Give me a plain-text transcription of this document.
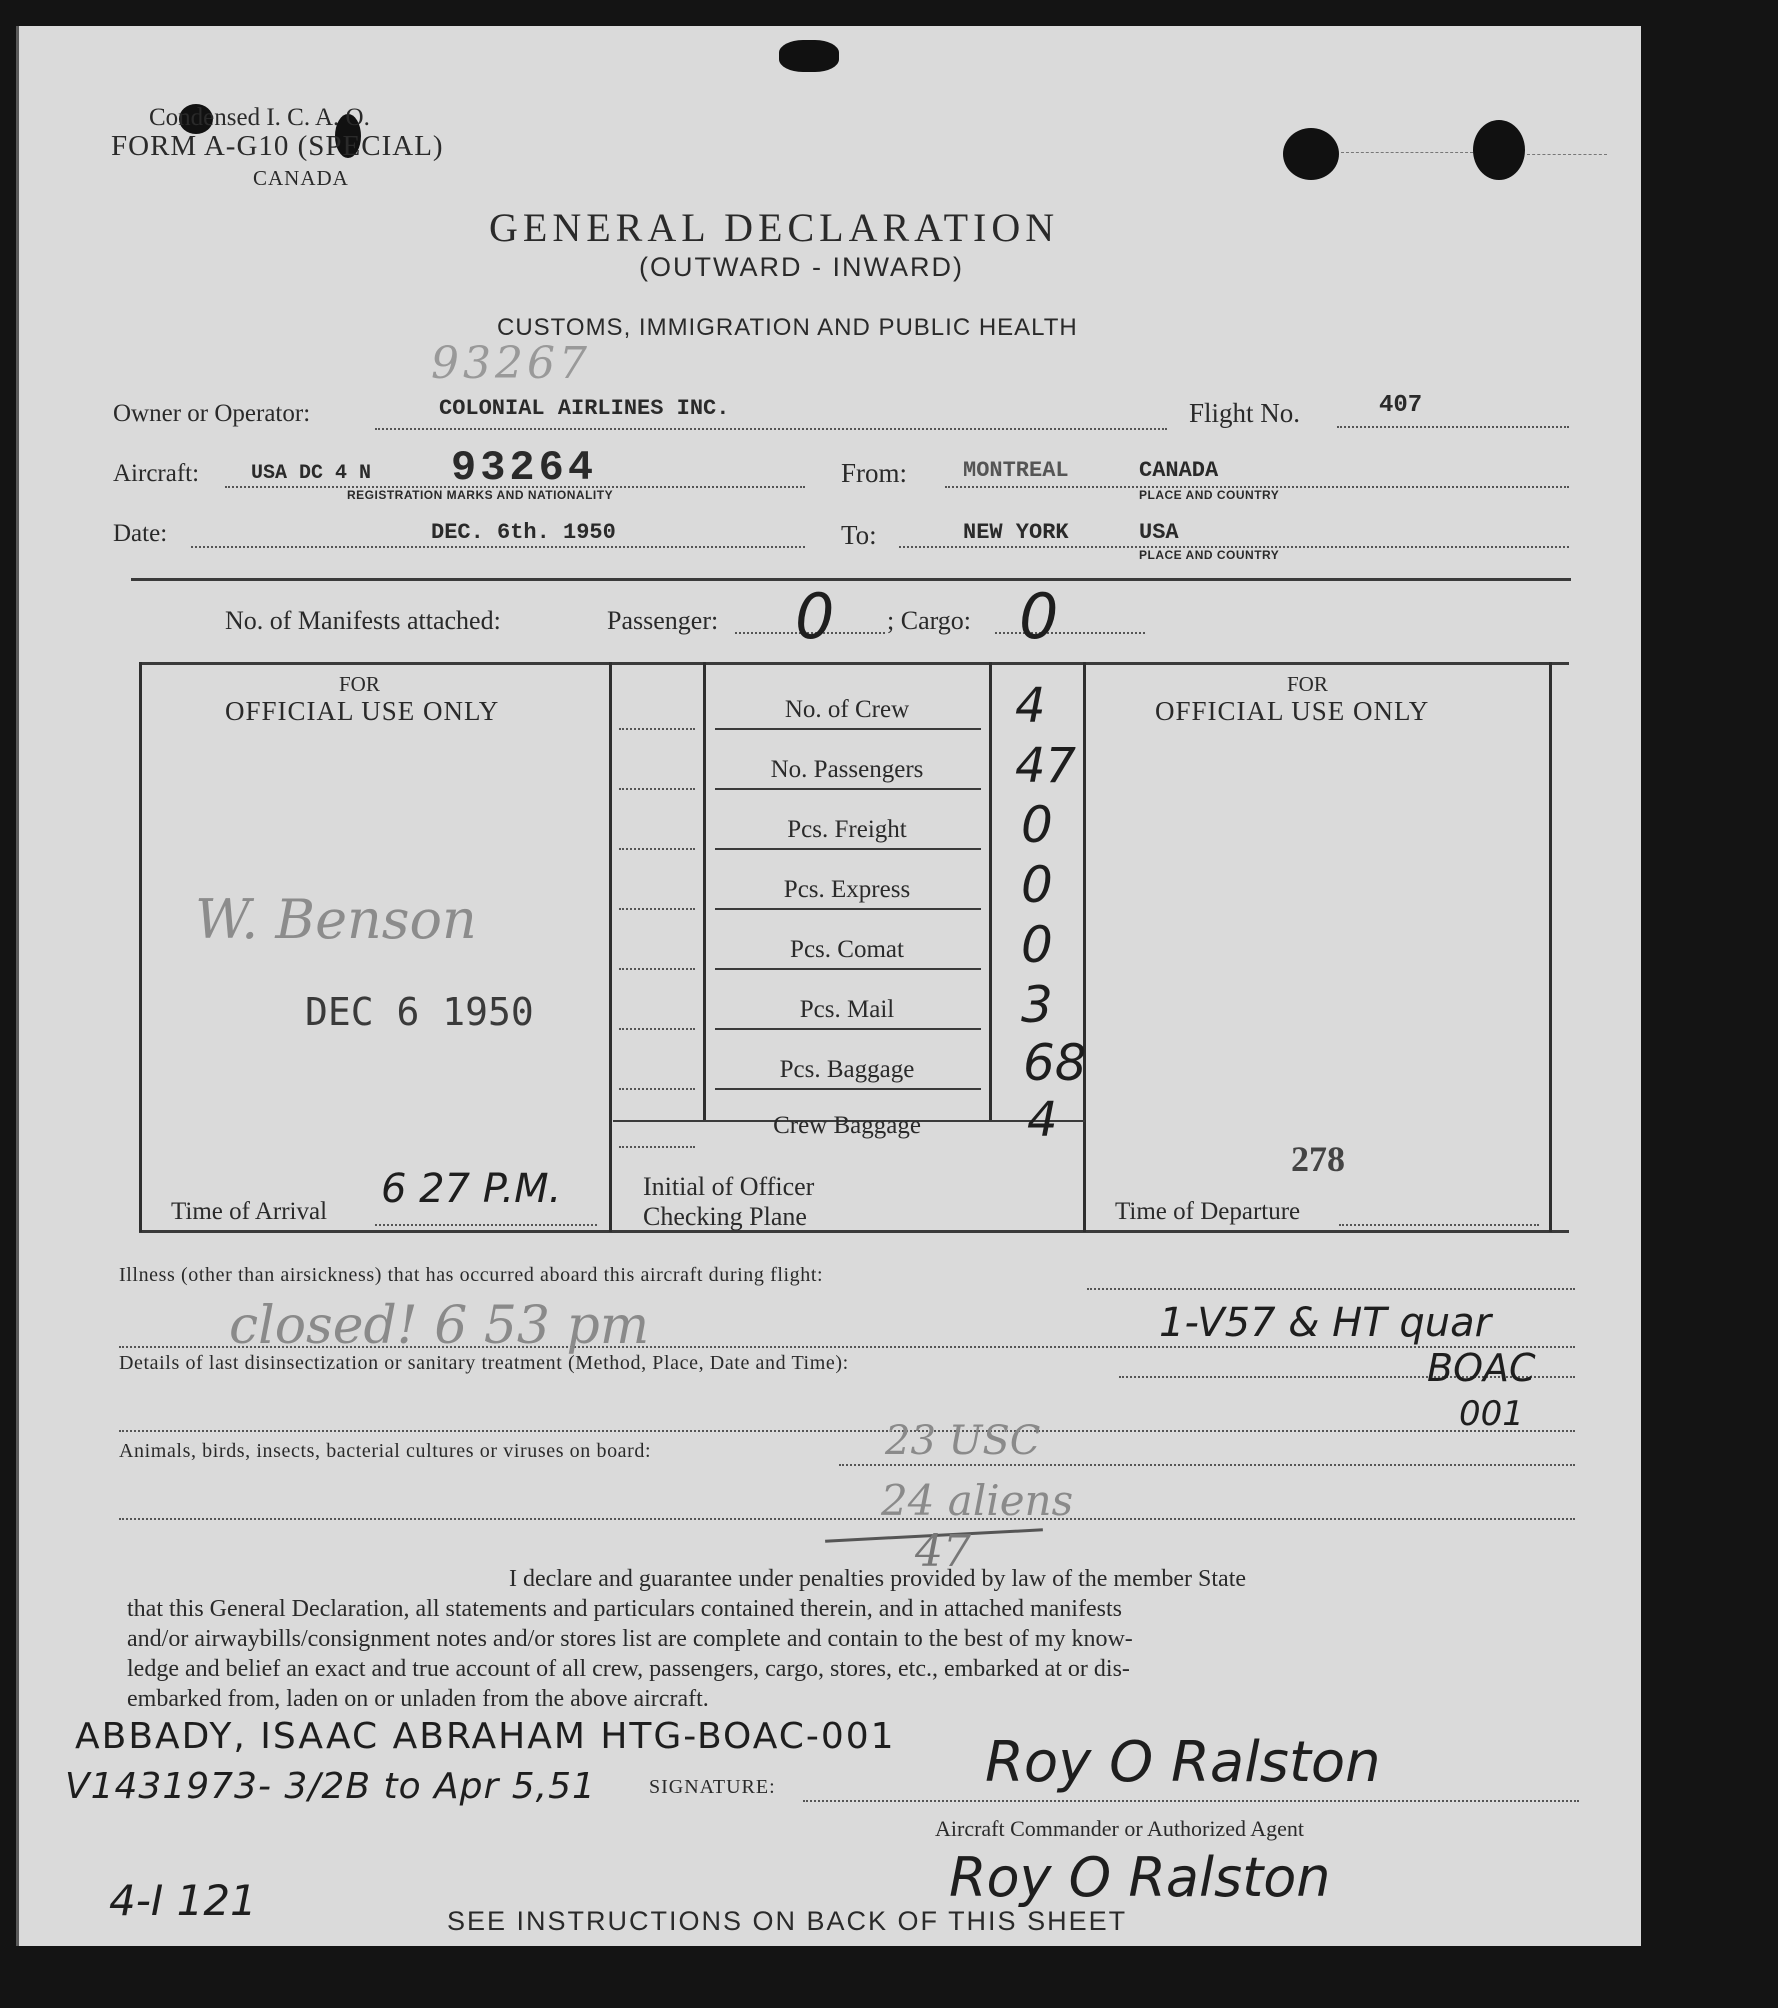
Condensed I. C. A. O.
FORM A-G10 (SPECIAL)
CANADA
GENERAL DECLARATION
(OUTWARD - INWARD)
CUSTOMS, IMMIGRATION AND PUBLIC HEALTH
93267
Owner or Operator:	COLONIAL AIRLINES INC.	Flight No.	407
Aircraft:	USA DC 4 N 93264
REGISTRATION MARKS AND NATIONALITY
From:	MONTREAL	CANADA
PLACE AND COUNTRY
Date:	DEC. 6th. 1950	To:	NEW YORK	USA
PLACE AND COUNTRY
No. of Manifests attached:	Passenger: 0 ; Cargo: 0
FOR
OFFICIAL USE ONLY
FOR
OFFICIAL USE ONLY
No. of Crew	4
No. Passengers	47
Pcs. Freight	0
Pcs. Express	0
Pcs. Comat	0
Pcs. Mail	3
Pcs. Baggage	68
Crew Baggage	4
W. Benson
DEC 6 1950
Time of Arrival 6 27 P.M.	Initial of Officer
Checking Plane
278
Time of Departure
Illness (other than airsickness) that has occurred aboard this aircraft during flight:
closed! 6 53 pm	1-V57 & HT quar
Details of last disinsectization or sanitary treatment (Method, Place, Date and Time):	BOAC
001
Animals, birds, insects, bacterial cultures or viruses on board:	23 USC
24 aliens
47
I declare and guarantee under penalties provided by law of the member State
that this General Declaration, all statements and particulars contained therein, and in attached manifests
and/or airwaybills/consignment notes and/or stores list are complete and contain to the best of my know-
ledge and belief an exact and true account of all crew, passengers, cargo, stores, etc., embarked at or dis-
embarked from, laden on or unladen from the above aircraft.
ABBADY, ISAAC ABRAHAM HTG-BOAC-001
V1431973- 3/2B to Apr 5,51	SIGNATURE:	Roy O Ralston
Aircraft Commander or Authorized Agent
Roy O Ralston
4-I 121	SEE INSTRUCTIONS ON BACK OF THIS SHEET
